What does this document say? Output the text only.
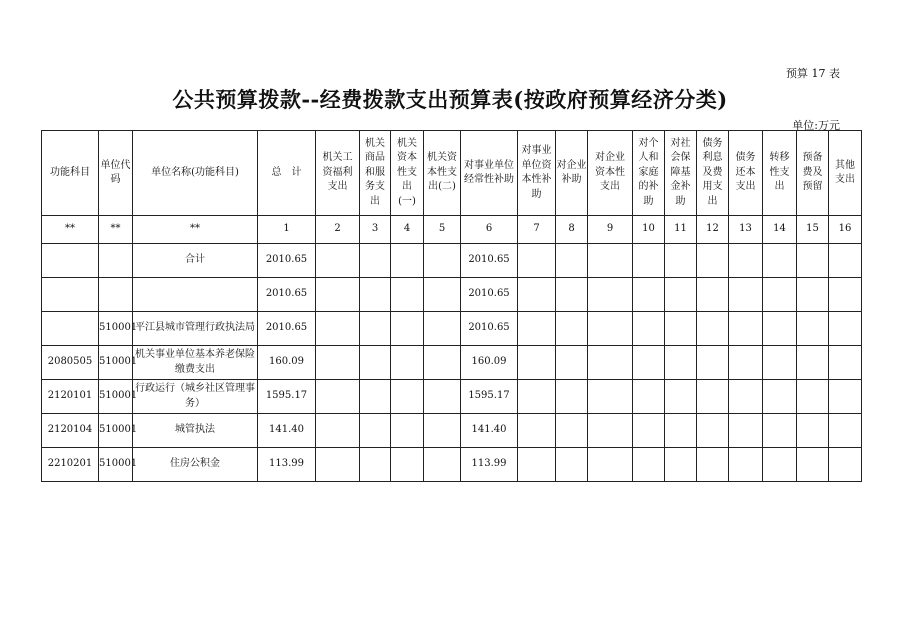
预算 17 表
公共预算拨款--经费拨款支出预算表(按政府预算经济分类)
单位:万元
功能科目	单位代
码	单位名称(功能科目)	总　计	机关工
资福利
支出	机关
商品
和服
务支
出	机关
资本
性支
出
(一)	机关资
本性支
出(二)	对事业单位
经常性补助	对事业
单位资
本性补
助	对企业
补助	对企业
资本性
支出	对个
人和
家庭
的补
助	对社
会保
障基
金补
助	债务
利息
及费
用支
出	债务
还本
支出	转移
性支
出	预备
费及
预留	其他
支出
**	**	**	1	2	3	4	5	6	7	8	9	10	11	12	13	14	15	16
		合计	2010.65					2010.65										
			2010.65					2010.65										
	510001	平江县城市管理行政执法局	2010.65					2010.65										
2080505	510001	机关事业单位基本养老保险缴费支出	160.09					160.09										
2120101	510001	行政运行（城乡社区管理事务）	1595.17					1595.17										
2120104	510001	城管执法	141.40					141.40										
2210201	510001	住房公积金	113.99					113.99										
